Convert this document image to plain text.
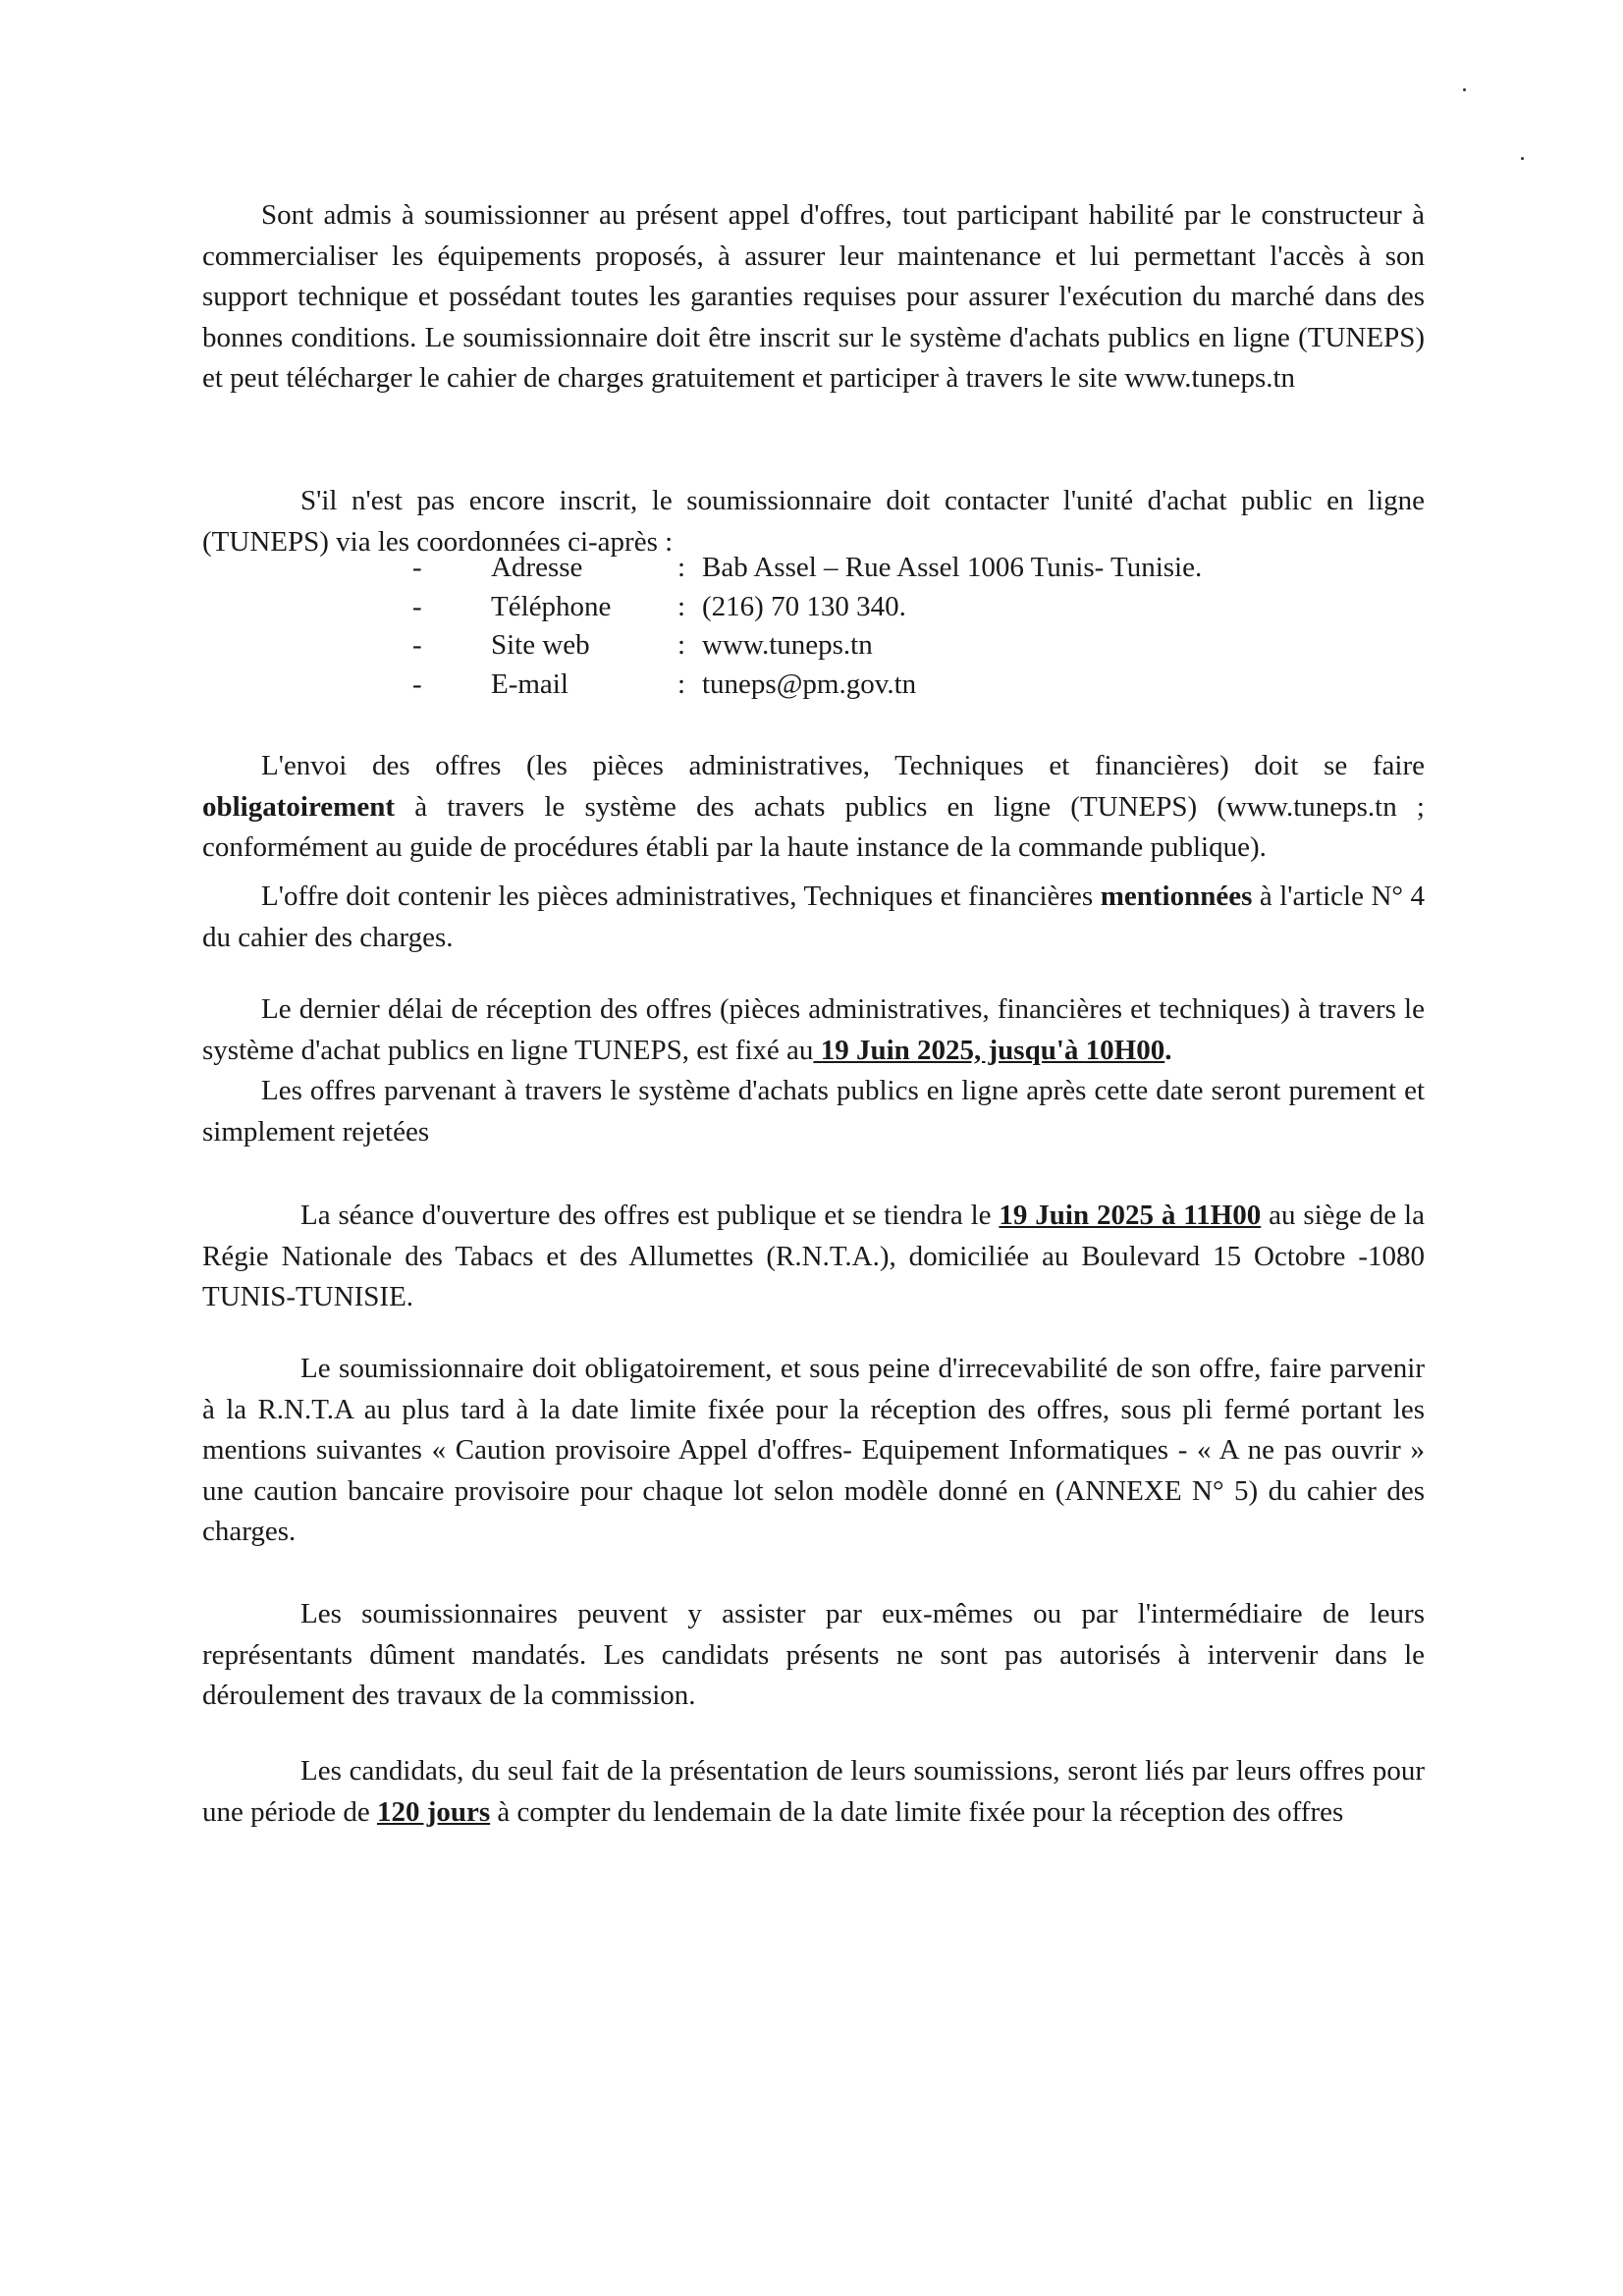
Sont admis à soumissionner au présent appel d'offres, tout participant habilité par le constructeur à commercialiser les équipements proposés, à assurer leur maintenance et lui permettant l'accès à son support technique et possédant toutes les garanties requises pour assurer l'exécution du marché dans des bonnes conditions. Le soumissionnaire doit être inscrit sur le système d'achats publics en ligne (TUNEPS) et peut télécharger le cahier de charges gratuitement et participer à travers le site www.tuneps.tn

S'il n'est pas encore inscrit, le soumissionnaire doit contacter l'unité d'achat public en ligne (TUNEPS) via les coordonnées ci-après :

-	Adresse	: Bab Assel – Rue Assel 1006 Tunis- Tunisie.
-	Téléphone	: (216) 70 130 340.
-	Site web	: www.tuneps.tn
-	E-mail	: tuneps@pm.gov.tn

L'envoi des offres (les pièces administratives, Techniques et financières) doit se faire obligatoirement à travers le système des achats publics en ligne (TUNEPS) (www.tuneps.tn ; conformément au guide de procédures établi par la haute instance de la commande publique).

L'offre doit contenir les pièces administratives, Techniques et financières mentionnées à l'article N° 4 du cahier des charges.

Le dernier délai de réception des offres (pièces administratives, financières et techniques) à travers le système d'achat publics en ligne TUNEPS, est fixé au 19 Juin 2025, jusqu'à 10H00.

Les offres parvenant à travers le système d'achats publics en ligne après cette date seront purement et simplement rejetées

La séance d'ouverture des offres est publique et se tiendra le 19 Juin 2025 à 11H00 au siège de la Régie Nationale des Tabacs et des Allumettes (R.N.T.A.), domiciliée au Boulevard 15 Octobre -1080 TUNIS-TUNISIE.

Le soumissionnaire doit obligatoirement, et sous peine d'irrecevabilité de son offre, faire parvenir à la R.N.T.A au plus tard à la date limite fixée pour la réception des offres, sous pli fermé portant les mentions suivantes « Caution provisoire Appel d'offres- Equipement Informatiques - « A ne pas ouvrir » une caution bancaire provisoire pour chaque lot selon modèle donné en (ANNEXE N° 5) du cahier des charges.

Les soumissionnaires peuvent y assister par eux-mêmes ou par l'intermédiaire de leurs représentants dûment mandatés. Les candidats présents ne sont pas autorisés à intervenir dans le déroulement des travaux de la commission.

Les candidats, du seul fait de la présentation de leurs soumissions, seront liés par leurs offres pour une période de 120 jours à compter du lendemain de la date limite fixée pour la réception des offres
